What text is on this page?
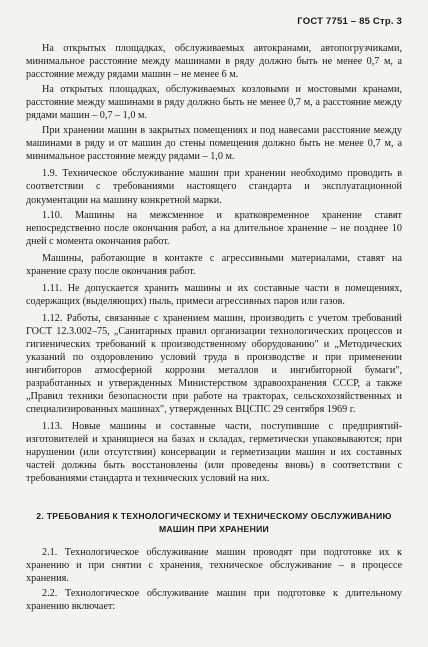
ГОСТ 7751 – 85 Стр. 3

На открытых площадках, обслуживаемых автокранами, автопогрузчиками, минимальное расстояние между машинами в ряду должно быть не менее 0,7 м, а расстояние между рядами машин – не менее 6 м.

На открытых площадках, обслуживаемых козловыми и мостовыми кранами, расстояние между машинами в ряду должно быть не менее 0,7 м, а расстояние между рядами машин – 0,7 – 1,0 м.

При хранении машин в закрытых помещениях и под навесами расстояние между машинами в ряду и от машин до стены помещения должно быть не менее 0,7 м, а минимальное расстояние между рядами – 1,0 м.

1.9. Техническое обслуживание машин при хранении необходимо проводить в соответствии с требованиями настоящего стандарта и эксплуатационной документации на машину конкретной марки.

1.10. Машины на межсменное и кратковременное хранение ставят непосредственно после окончания работ, а на длительное хранение – не позднее 10 дней с момента окончания работ.

Машины, работающие в контакте с агрессивными материалами, ставят на хранение сразу после окончания работ.

1.11. Не допускается хранить машины и их составные части в помещениях, содержащих (выделяющих) пыль, примеси агрессивных паров или газов.

1.12. Работы, связанные с хранением машин, производить с учетом требований ГОСТ 12.3.002–75, „Санитарных правил организации технологических процессов и гигиенических требований к производственному оборудованию" и „Методических указаний по оздоровлению условий труда в производстве и при применении ингибиторов атмосферной коррозии металлов и ингибиторной бумаги", разработанных и утвержденных Министерством здравоохранения СССР, а также „Правил техники безопасности при работе на тракторах, сельскохозяйственных и специализированных машинах", утвержденных ВЦСПС 29 сентября 1969 г.

1.13. Новые машины и составные части, поступившие с предприятий-изготовителей и хранящиеся на базах и складах, герметически упаковываются; при нарушении (или отсутствии) консервации и герметизации машин и их составных частей должны быть восстановлены (или проведены вновь) в соответствии с требованиями стандарта и технических условий на них.

2. ТРЕБОВАНИЯ К ТЕХНОЛОГИЧЕСКОМУ И ТЕХНИЧЕСКОМУ ОБСЛУЖИВАНИЮ МАШИН ПРИ ХРАНЕНИИ

2.1. Технологическое обслуживание машин проводят при подготовке их к хранению и при снятии с хранения, техническое обслуживание – в процессе хранения.

2.2. Технологическое обслуживание машин при подготовке к длительному хранению включает:
